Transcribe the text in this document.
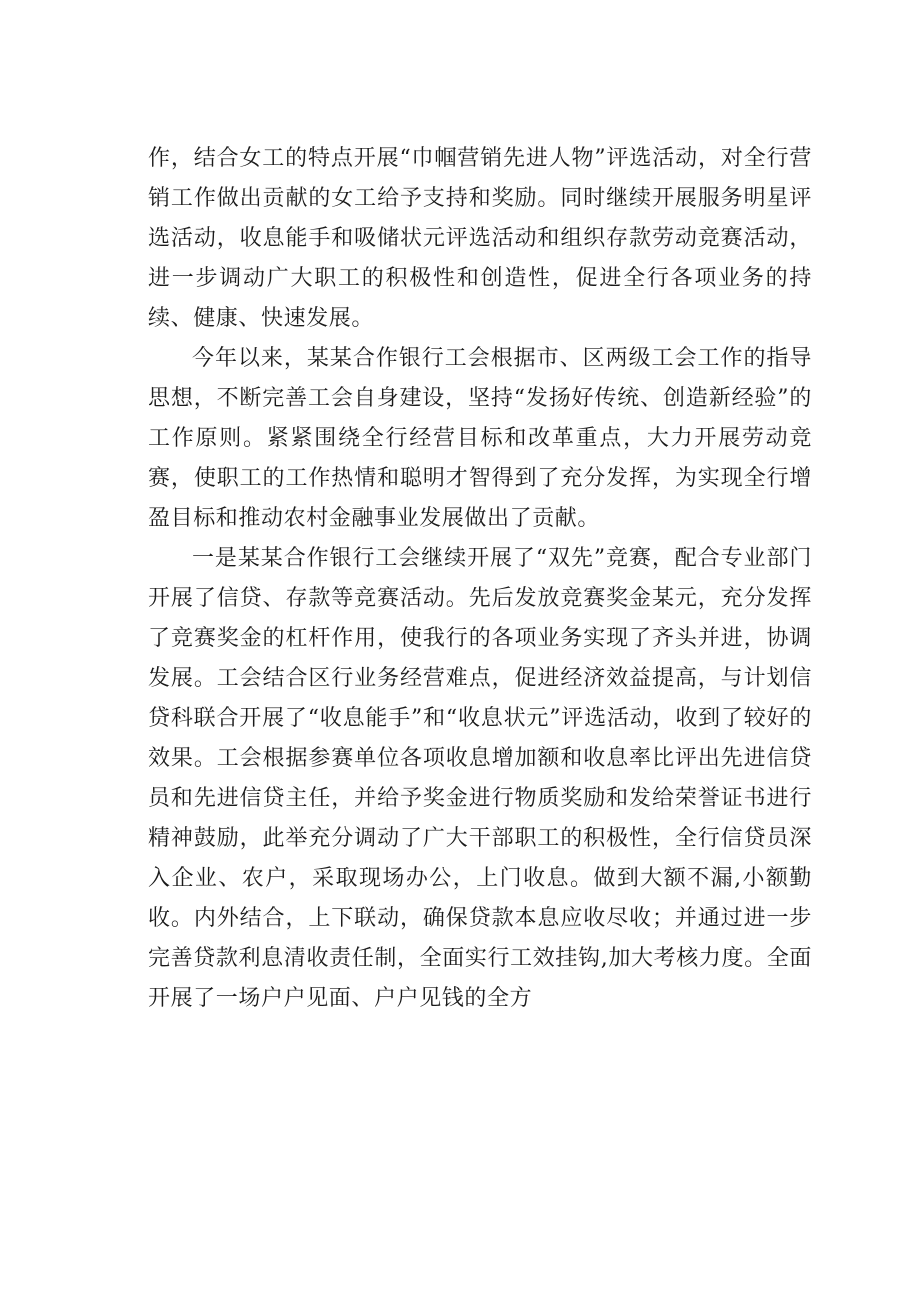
作，结合女工的特点开展“巾帼营销先进人物”评选活动，对全行营销工作做出贡献的女工给予支持和奖励。同时继续开展服务明星评选活动，收息能手和吸储状元评选活动和组织存款劳动竞赛活动，进一步调动广大职工的积极性和创造性，促进全行各项业务的持续、健康、快速发展。

今年以来，某某合作银行工会根据市、区两级工会工作的指导思想，不断完善工会自身建设，坚持“发扬好传统、创造新经验”的工作原则。紧紧围绕全行经营目标和改革重点，大力开展劳动竞赛，使职工的工作热情和聪明才智得到了充分发挥，为实现全行增盈目标和推动农村金融事业发展做出了贡献。

一是某某合作银行工会继续开展了“双先”竞赛，配合专业部门开展了信贷、存款等竞赛活动。先后发放竞赛奖金某元，充分发挥了竞赛奖金的杠杆作用，使我行的各项业务实现了齐头并进，协调发展。工会结合区行业务经营难点，促进经济效益提高，与计划信贷科联合开展了“收息能手”和“收息状元”评选活动，收到了较好的效果。工会根据参赛单位各项收息增加额和收息率比评出先进信贷员和先进信贷主任，并给予奖金进行物质奖励和发给荣誉证书进行精神鼓励，此举充分调动了广大干部职工的积极性，全行信贷员深入企业、农户，采取现场办公，上门收息。做到大额不漏,小额勤收。内外结合，上下联动，确保贷款本息应收尽收；并通过进一步完善贷款利息清收责任制，全面实行工效挂钩,加大考核力度。全面开展了一场户户见面、户户见钱的全方
